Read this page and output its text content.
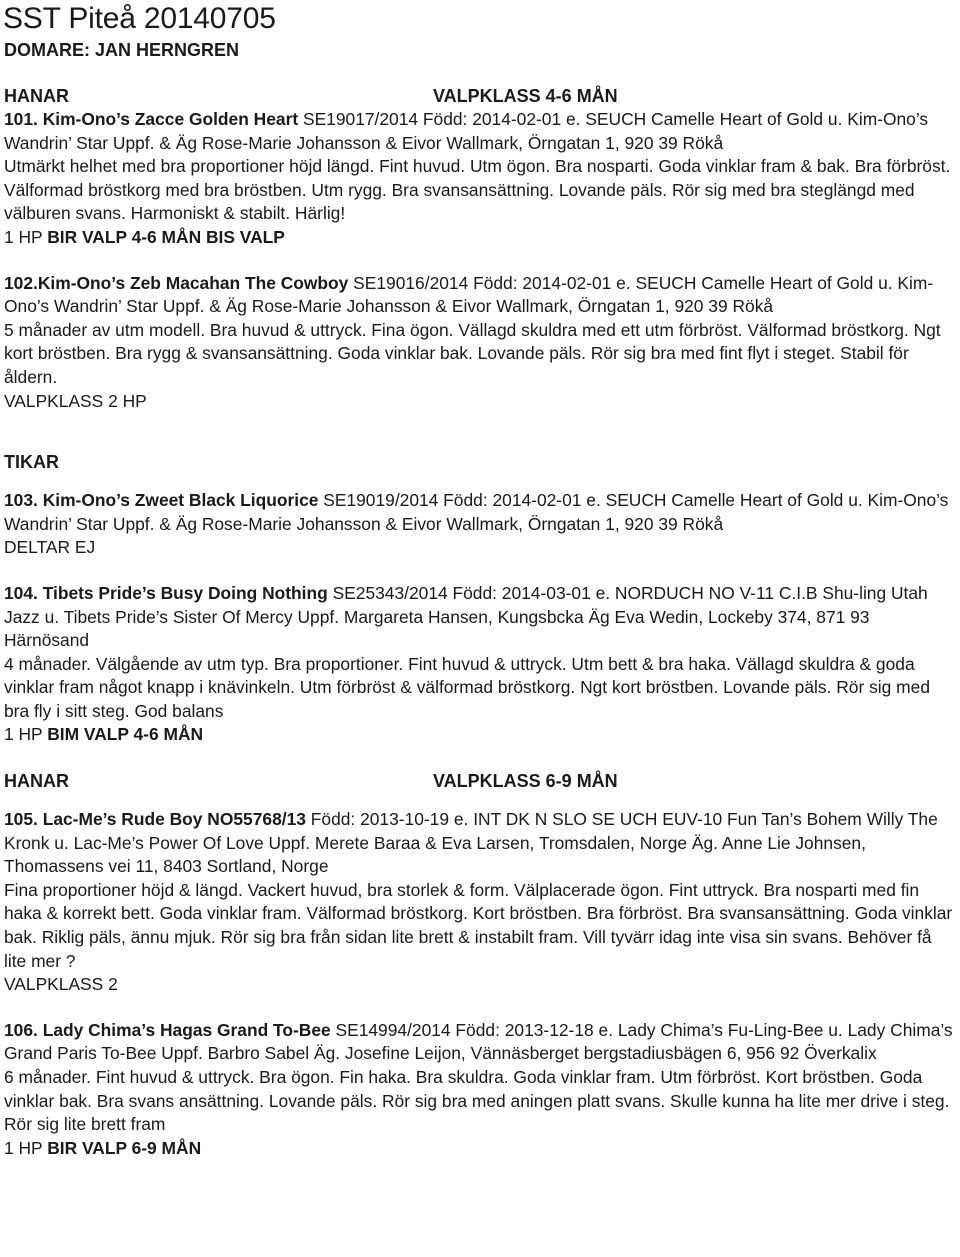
SST Piteå 20140705
DOMARE: JAN HERNGREN
HANAR	VALPKLASS 4-6 MÅN

101. Kim-Ono’s Zacce Golden Heart SE19017/2014 Född: 2014-02-01 e. SEUCH Camelle Heart of Gold u. Kim-Ono’s Wandrin’ Star Uppf. & Äg Rose-Marie Johansson & Eivor Wallmark, Örngatan 1, 920 39 Rökå

Utmärkt helhet med bra proportioner höjd längd. Fint huvud. Utm ögon. Bra nosparti. Goda vinklar fram & bak. Bra förbröst. Välformad bröstkorg med bra bröstben. Utm rygg. Bra svansansättning. Lovande päls. Rör sig med bra steglängd med välburen svans. Harmoniskt & stabilt. Härlig!

1 HP BIR VALP 4-6 MÅN BIS VALP

102.Kim-Ono’s Zeb Macahan The Cowboy SE19016/2014 Född: 2014-02-01 e. SEUCH Camelle Heart of Gold u. Kim-Ono’s Wandrin’ Star Uppf. & Äg Rose-Marie Johansson & Eivor Wallmark, Örngatan 1, 920 39 Rökå

5 månader av utm modell. Bra huvud & uttryck. Fina ögon. Vällagd skuldra med ett utm förbröst. Välformad bröstkorg. Ngt kort bröstben. Bra rygg & svansansättning. Goda vinklar bak. Lovande päls. Rör sig bra med fint flyt i steget. Stabil för åldern.

VALPKLASS 2 HP

TIKAR

103. Kim-Ono’s Zweet Black Liquorice SE19019/2014 Född: 2014-02-01 e. SEUCH Camelle Heart of Gold u. Kim-Ono’s Wandrin’ Star Uppf. & Äg Rose-Marie Johansson & Eivor Wallmark, Örngatan 1, 920 39 Rökå

DELTAR EJ

104. Tibets Pride’s Busy Doing Nothing SE25343/2014 Född: 2014-03-01 e. NORDUCH NO V-11 C.I.B Shu-ling Utah Jazz u. Tibets Pride’s Sister Of Mercy Uppf. Margareta Hansen, Kungsbcka Äg Eva Wedin, Lockeby 374, 871 93 Härnösand

4 månader. Välgående av utm typ. Bra proportioner. Fint huvud & uttryck. Utm bett & bra haka. Vällagd skuldra & goda vinklar fram något knapp i knävinkeln. Utm förbröst & välformad bröstkorg. Ngt kort bröstben. Lovande päls. Rör sig med bra fly i sitt steg. God balans

1 HP BIM VALP 4-6 MÅN

HANAR	VALPKLASS 6-9 MÅN

105. Lac-Me’s Rude Boy NO55768/13 Född: 2013-10-19 e. INT DK N SLO SE UCH EUV-10 Fun Tan’s Bohem Willy The Kronk u. Lac-Me’s Power Of Love Uppf. Merete Baraa & Eva Larsen, Tromsdalen, Norge Äg. Anne Lie Johnsen, Thomassens vei 11, 8403 Sortland, Norge

Fina proportioner höjd & längd. Vackert huvud, bra storlek & form. Välplacerade ögon. Fint uttryck. Bra nosparti med fin haka & korrekt bett. Goda vinklar fram. Välformad bröstkorg. Kort bröstben. Bra förbröst. Bra svansansättning. Goda vinklar bak. Riklig päls, ännu mjuk. Rör sig bra från sidan lite brett & instabilt fram. Vill tyvärr idag inte visa sin svans. Behöver få lite mer ?

VALPKLASS 2

106. Lady Chima’s Hagas Grand To-Bee SE14994/2014 Född: 2013-12-18 e. Lady Chima’s Fu-Ling-Bee u. Lady Chima’s Grand Paris To-Bee Uppf. Barbro Sabel Äg. Josefine Leijon, Vännäsberget bergstadiusbägen 6, 956 92 Överkalix

6 månader. Fint huvud & uttryck. Bra ögon. Fin haka. Bra skuldra. Goda vinklar fram. Utm förbröst. Kort bröstben. Goda vinklar bak. Bra svans ansättning. Lovande päls. Rör sig bra med aningen platt svans. Skulle kunna ha lite mer drive i steg. Rör sig lite brett fram

1 HP BIR VALP 6-9 MÅN
